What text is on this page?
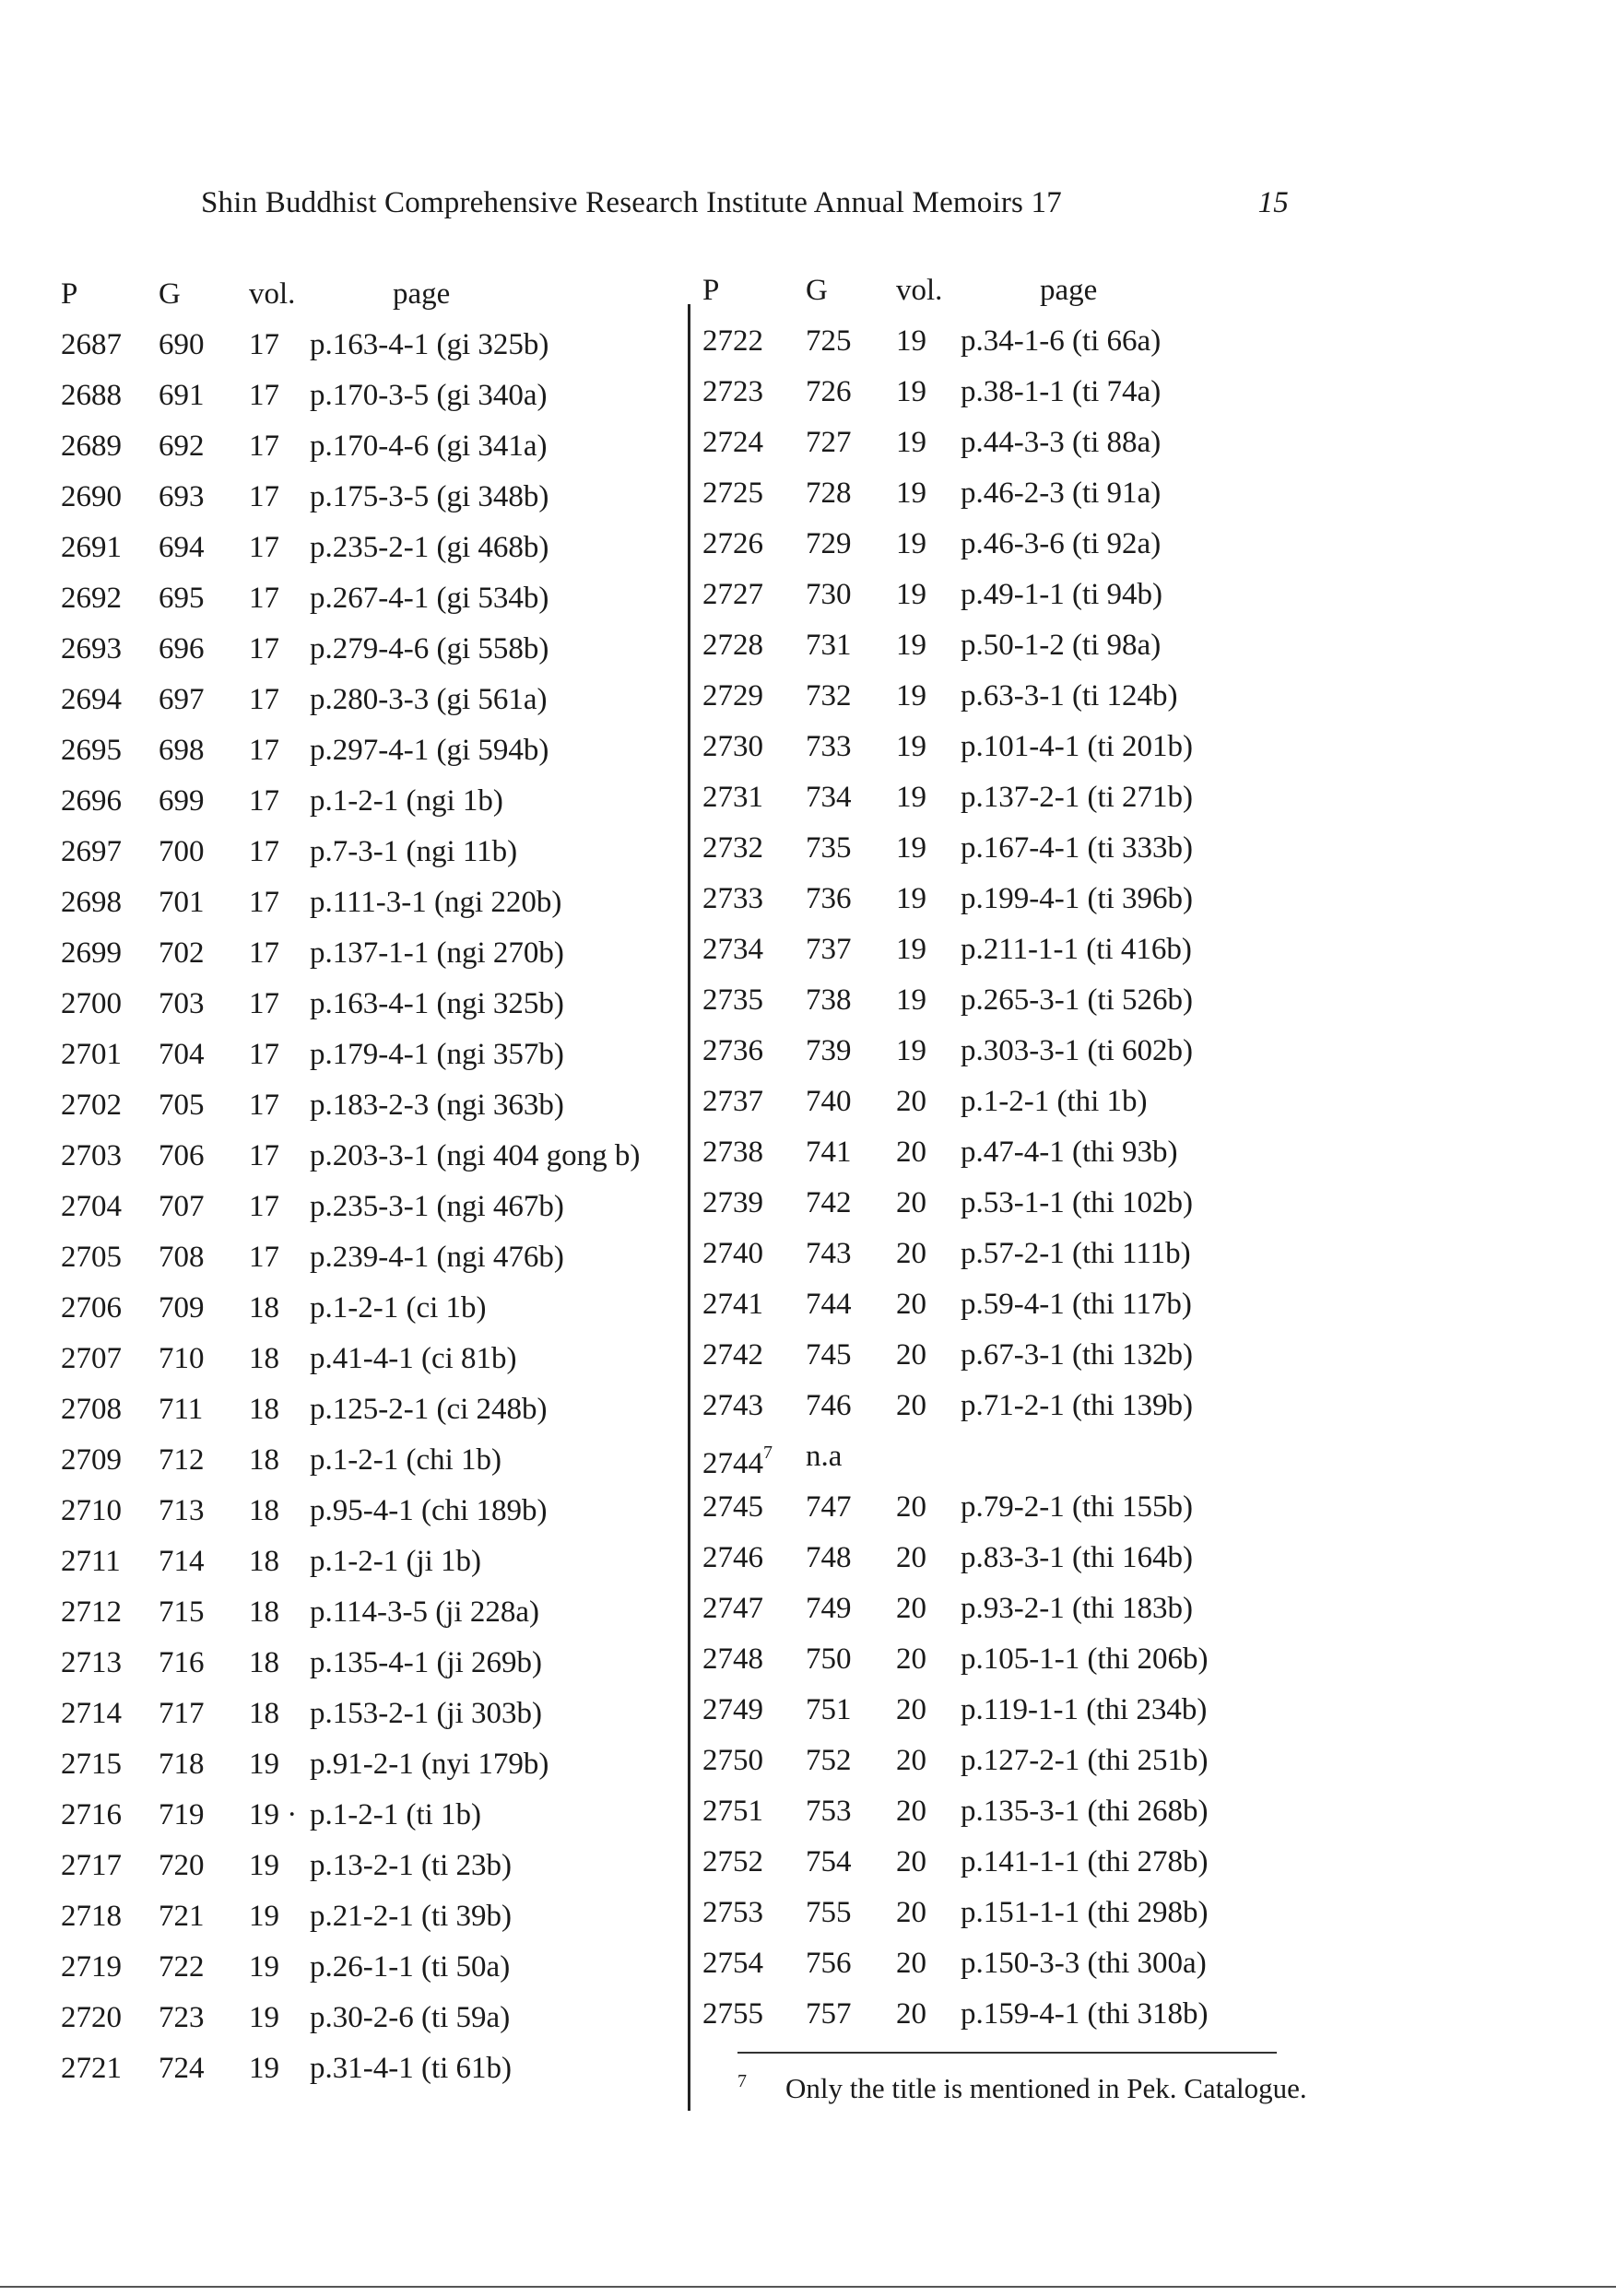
Shin Buddhist Comprehensive Research Institute Annual Memoirs 17	15
P	G vol.	page
2687 690 17 p.163-4-1 (gi 325b)
2688 691 17 p.170-3-5 (gi 340a)
2689 692 17 p.170-4-6 (gi 341a)
2690 693 17 p.175-3-5 (gi 348b)
2691 694 17 p.235-2-1 (gi 468b)
2692 695 17 p.267-4-1 (gi 534b)
2693 696 17 p.279-4-6 (gi 558b)
2694 697 17 p.280-3-3 (gi 561a)
2695 698 17 p.297-4-1 (gi 594b)
2696 699 17 p.1-2-1 (ngi 1b)
2697 700 17 p.7-3-1 (ngi 11b)
2698 701 17 p.111-3-1 (ngi 220b)
2699 702 17 p.137-1-1 (ngi 270b)
2700 703 17 p.163-4-1 (ngi 325b)
2701 704 17 p.179-4-1 (ngi 357b)
2702 705 17 p.183-2-3 (ngi 363b)
2703 706 17 p.203-3-1 (ngi 404 gong b)
2704 707 17 p.235-3-1 (ngi 467b)
2705 708 17 p.239-4-1 (ngi 476b)
2706 709 18 p.1-2-1 (ci 1b)
2707 710 18 p.41-4-1 (ci 81b)
2708 711 18 p.125-2-1 (ci 248b)
2709 712 18 p.1-2-1 (chi 1b)
2710 713 18 p.95-4-1 (chi 189b)
2711 714 18 p.1-2-1 (ji 1b)
2712 715 18 p.114-3-5 (ji 228a)
2713 716 18 p.135-4-1 (ji 269b)
2714 717 18 p.153-2-1 (ji 303b)
2715 718 19 p.91-2-1 (nyi 179b)
2716 719 19 · p.1-2-1 (ti 1b)
2717 720 19 p.13-2-1 (ti 23b)
2718 721 19 p.21-2-1 (ti 39b)
2719 722 19 p.26-1-1 (ti 50a)
2720 723 19 p.30-2-6 (ti 59a)
2721 724 19 p.31-4-1 (ti 61b)
P	G vol.	page
2722 725 19 p.34-1-6 (ti 66a)
2723 726 19 p.38-1-1 (ti 74a)
2724 727 19 p.44-3-3 (ti 88a)
2725 728 19 p.46-2-3 (ti 91a)
2726 729 19 p.46-3-6 (ti 92a)
2727 730 19 p.49-1-1 (ti 94b)
2728 731 19 p.50-1-2 (ti 98a)
2729 732 19 p.63-3-1 (ti 124b)
2730 733 19 p.101-4-1 (ti 201b)
2731 734 19 p.137-2-1 (ti 271b)
2732 735 19 p.167-4-1 (ti 333b)
2733 736 19 p.199-4-1 (ti 396b)
2734 737 19 p.211-1-1 (ti 416b)
2735 738 19 p.265-3-1 (ti 526b)
2736 739 19 p.303-3-1 (ti 602b)
2737 740 20 p.1-2-1 (thi 1b)
2738 741 20 p.47-4-1 (thi 93b)
2739 742 20 p.53-1-1 (thi 102b)
2740 743 20 p.57-2-1 (thi 111b)
2741 744 20 p.59-4-1 (thi 117b)
2742 745 20 p.67-3-1 (thi 132b)
2743 746 20 p.71-2-1 (thi 139b)
2744$^7$ n.a
2745 747 20 p.79-2-1 (thi 155b)
2746 748 20 p.83-3-1 (thi 164b)
2747 749 20 p.93-2-1 (thi 183b)
2748 750 20 p.105-1-1 (thi 206b)
2749 751 20 p.119-1-1 (thi 234b)
2750 752 20 p.127-2-1 (thi 251b)
2751 753 20 p.135-3-1 (thi 268b)
2752 754 20 p.141-1-1 (thi 278b)
2753 755 20 p.151-1-1 (thi 298b)
2754 756 20 p.150-3-3 (thi 300a)
2755 757 20 p.159-4-1 (thi 318b)
$^7$ Only the title is mentioned in Pek. Catalogue.
